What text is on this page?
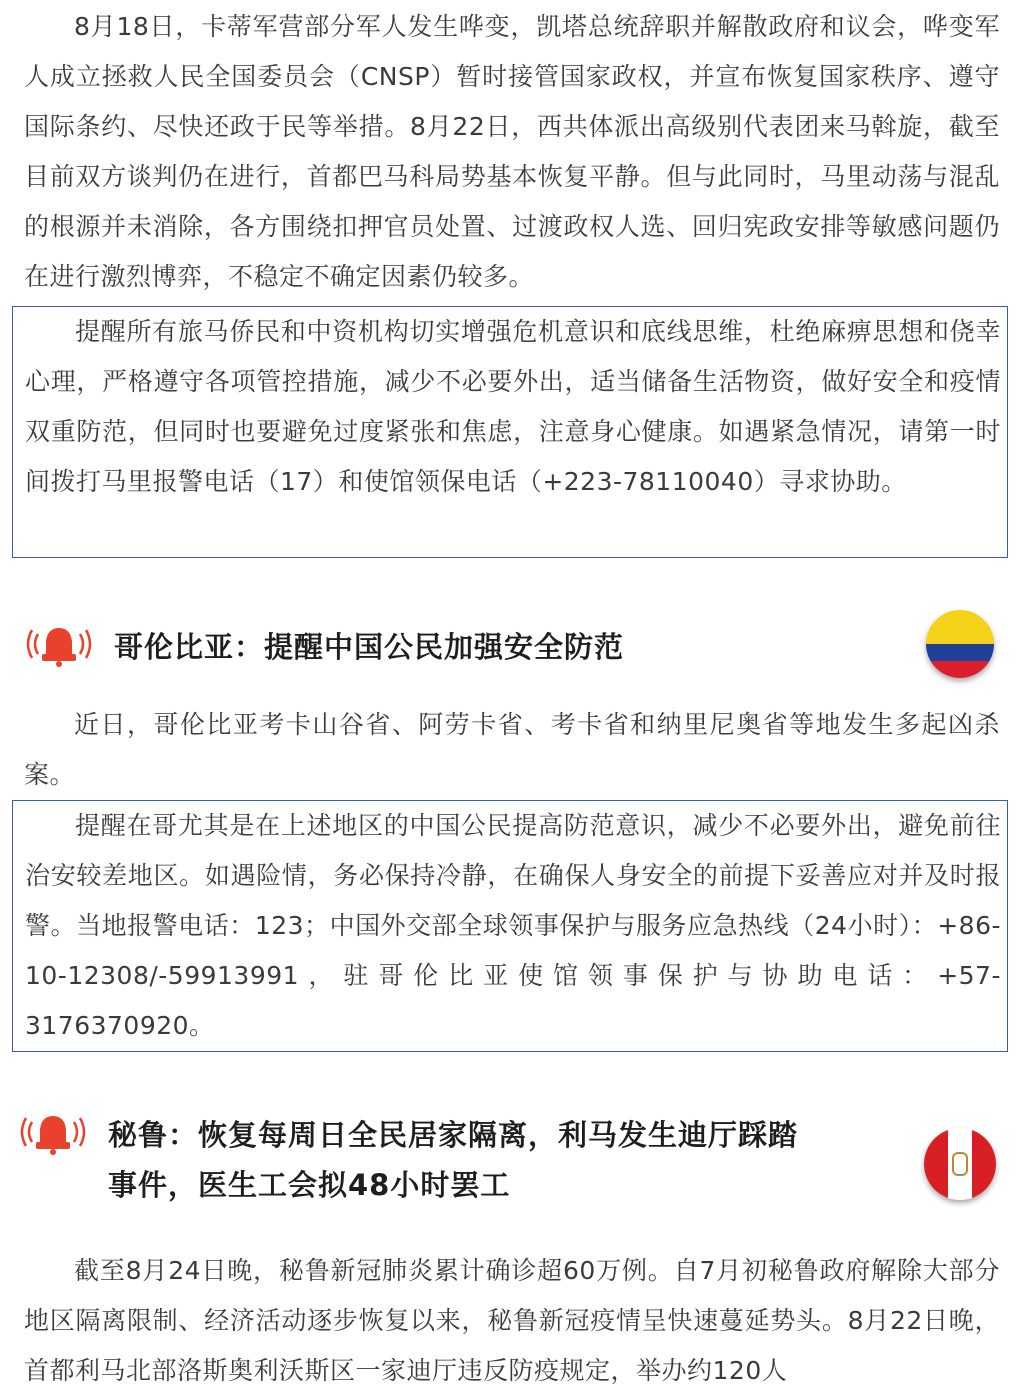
8月18日，卡蒂军营部分军人发生哗变，凯塔总统辞职并解散政府和议会，哗变军人成立拯救人民全国委员会（CNSP）暂时接管国家政权，并宣布恢复国家秩序、遵守国际条约、尽快还政于民等举措。8月22日，西共体派出高级别代表团来马斡旋，截至目前双方谈判仍在进行，首都巴马科局势基本恢复平静。但与此同时，马里动荡与混乱的根源并未消除，各方围绕扣押官员处置、过渡政权人选、回归宪政安排等敏感问题仍在进行激烈博弈，不稳定不确定因素仍较多。

提醒所有旅马侨民和中资机构切实增强危机意识和底线思维，杜绝麻痹思想和侥幸心理，严格遵守各项管控措施，减少不必要外出，适当储备生活物资，做好安全和疫情双重防范，但同时也要避免过度紧张和焦虑，注意身心健康。如遇紧急情况，请第一时间拨打马里报警电话（17）和使馆领保电话（+223-78110040）寻求协助。

哥伦比亚：提醒中国公民加强安全防范

近日，哥伦比亚考卡山谷省、阿劳卡省、考卡省和纳里尼奥省等地发生多起凶杀案。

提醒在哥尤其是在上述地区的中国公民提高防范意识，减少不必要外出，避免前往治安较差地区。如遇险情，务必保持冷静，在确保人身安全的前提下妥善应对并及时报警。当地报警电话：123；中国外交部全球领事保护与服务应急热线（24小时）：+86-10-12308/-59913991，驻哥伦比亚使馆领事保护与协助电话：+57-3176370920。

秘鲁：恢复每周日全民居家隔离，利马发生迪厅踩踏
事件，医生工会拟48小时罢工

截至8月24日晚，秘鲁新冠肺炎累计确诊超60万例。自7月初秘鲁政府解除大部分地区隔离限制、经济活动逐步恢复以来，秘鲁新冠疫情呈快速蔓延势头。8月22日晚，首都利马北部洛斯奥利沃斯区一家迪厅违反防疫规定，举办约120人
